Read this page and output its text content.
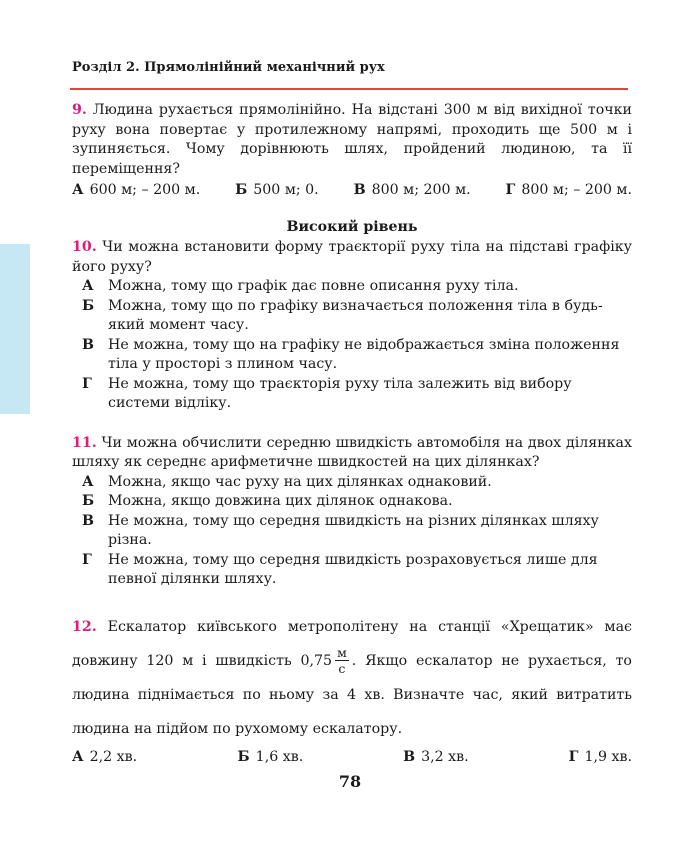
Розділ 2. Прямолінійний механічний рух

9. Людина рухається прямолінійно. На відстані 300 м від вихідної точки руху вона повертає у протилежному напрямі, проходить ще 500 м і зупиняється. Чому дорівнюють шлях, пройдений людиною, та її переміщення?

А 600 м; – 200 м. Б 500 м; 0. В 800 м; 200 м. Г 800 м; – 200 м.
Високий рівень

10. Чи можна встановити форму траєкторії руху тіла на підставі графіку його руху?

А	Можна, тому що графік дає повне описання руху тіла.
Б Можна, тому що по графіку визначається положення тіла в будь-який момент часу.
В Не можна, тому що на графіку не відображається зміна положення тіла у просторі з плином часу.
Г	Не можна, тому що траєкторія руху тіла залежить від вибору системи відліку.

11. Чи можна обчислити середню швидкість автомобіля на двох ділянках шляху як середнє арифметичне швидкостей на цих ділянках?

А	Можна, якщо час руху на цих ділянках однаковий.
Б Можна, якщо довжина цих ділянок однакова.
В Не можна, тому що середня швидкість на різних ділянках шляху різна.
Г	Не можна, тому що середня швидкість розраховується лише для певної ділянки шляху.

12. Ескалатор київського метрополітену на станції «Хрещатик» має довжину 120 м і швидкість $0,75 \frac{м}{с}$ . Якщо ескалатор не рухається, то людина піднімається по ньому за 4 хв. Визначте час, який витратить людина на підйом по рухомому ескалатору.

А 2,2 хв.	Б 1,6 хв.	В 3,2 хв.	Г 1,9 хв.
78
